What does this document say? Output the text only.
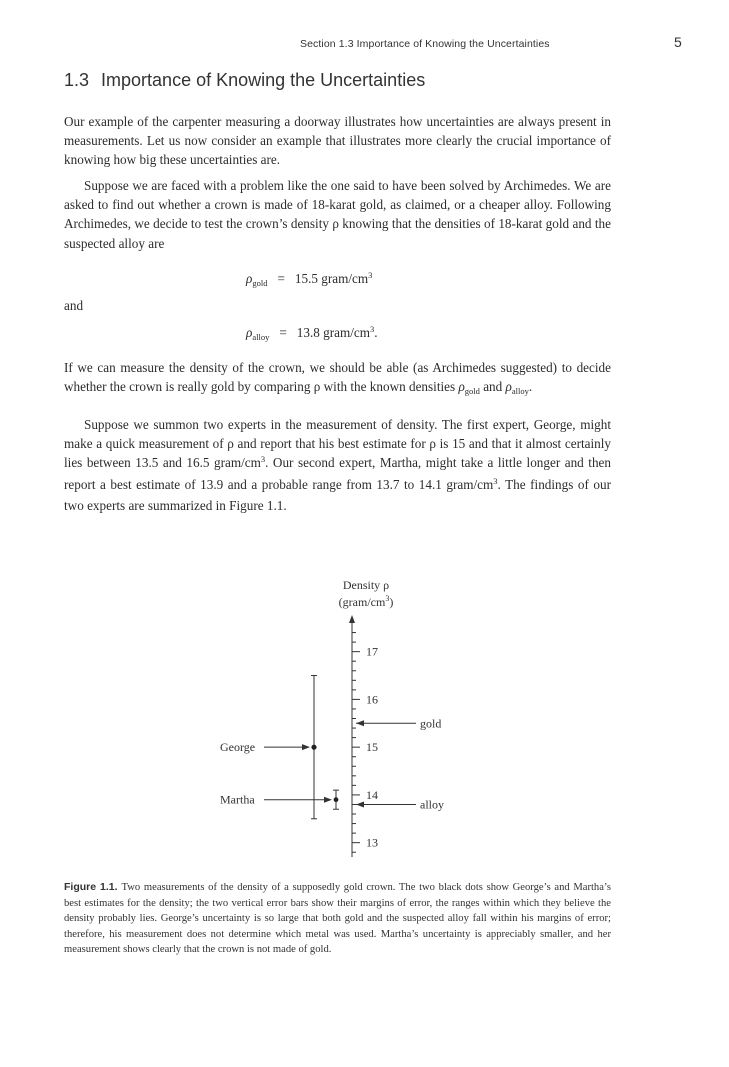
Section 1.3 Importance of Knowing the Uncertainties	5
1.3 Importance of Knowing the Uncertainties

Our example of the carpenter measuring a doorway illustrates how uncertainties are always present in measurements. Let us now consider an example that illustrates more clearly the crucial importance of knowing how big these uncertainties are.

Suppose we are faced with a problem like the one said to have been solved by Archimedes. We are asked to find out whether a crown is made of 18-karat gold, as claimed, or a cheaper alloy. Following Archimedes, we decide to test the crown’s density ρ knowing that the densities of 18-karat gold and the suspected alloy are

$\rho_{gold} = 15.5$ gram/$cm^3$
and
$\rho_{alloy} = 13.8$ gram/$cm^3$.

If we can measure the density of the crown, we should be able (as Archimedes suggested) to decide whether the crown is really gold by comparing ρ with the known densities $\rho_{gold}$ and $\rho_{alloy}$.

Suppose we summon two experts in the measurement of density. The first expert, George, might make a quick measurement of ρ and report that his best estimate for ρ is 15 and that it almost certainly lies between 13.5 and 16.5 gram/$cm^3$. Our second expert, Martha, might take a little longer and then report a best estimate of 13.9 and a probable range from 13.7 to 14.1 gram/$cm^3$. The findings of our two experts are summarized in Figure 1.1.

Density ρ
$(gram/cm^3)$
17
16
15
14
13
gold
alloy
George
Martha

Figure 1.1. Two measurements of the density of a supposedly gold crown. The two black dots show George’s and Martha’s best estimates for the density; the two vertical error bars show their margins of error, the ranges within which they believe the density probably lies. George’s uncertainty is so large that both gold and the suspected alloy fall within his margins of error; therefore, his measurement does not determine which metal was used. Martha’s uncertainty is appreciably smaller, and her measurement shows clearly that the crown is not made of gold.
